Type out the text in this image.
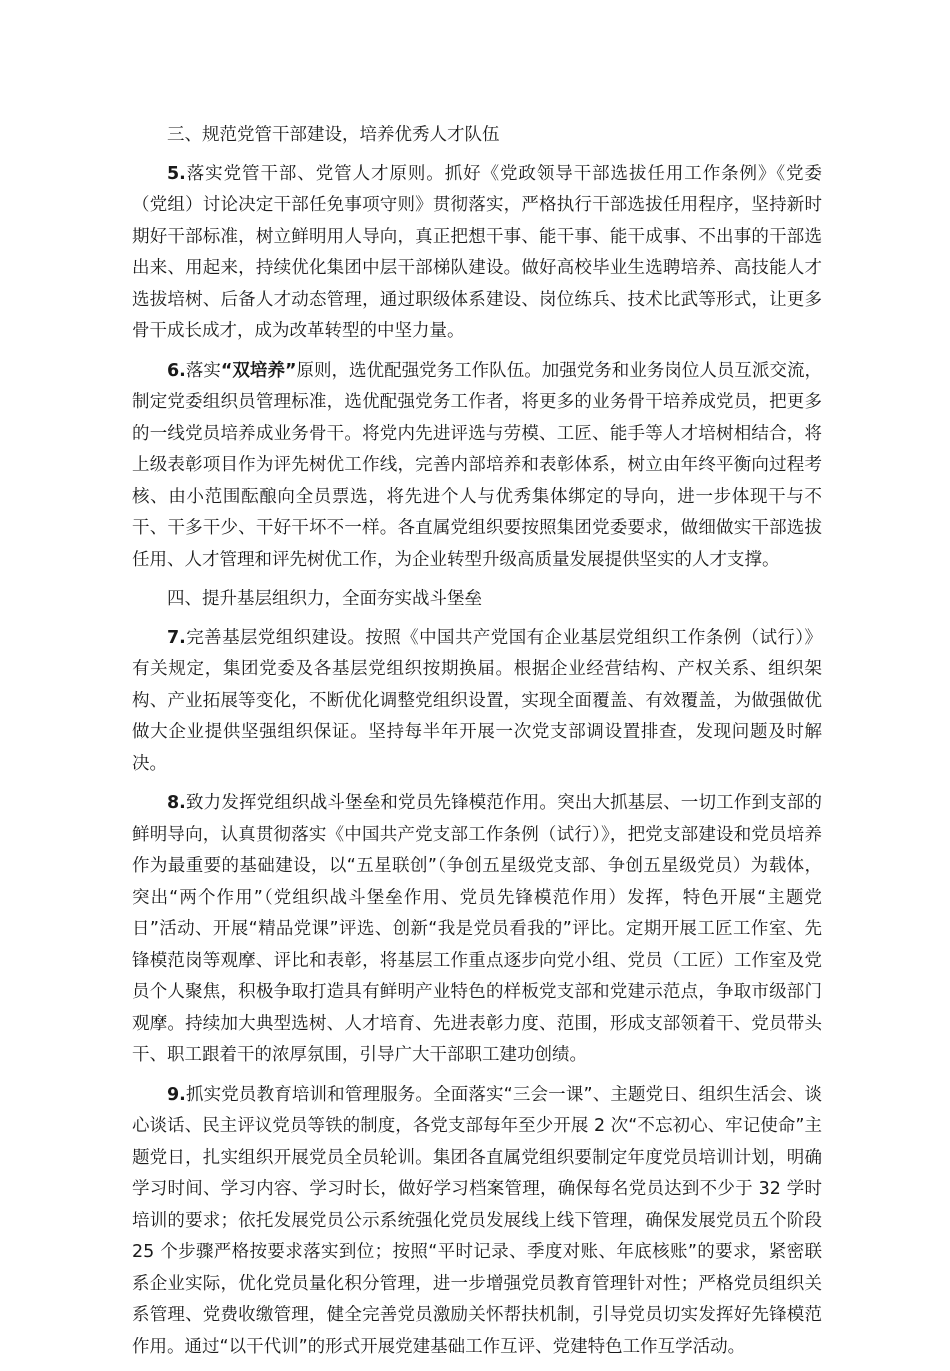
三、规范党管干部建设，培养优秀人才队伍

5.落实党管干部、党管人才原则。抓好《党政领导干部选拔任用工作条例》《党委（党组）讨论决定干部任免事项守则》贯彻落实，严格执行干部选拔任用程序，坚持新时期好干部标准，树立鲜明用人导向，真正把想干事、能干事、能干成事、不出事的干部选出来、用起来，持续优化集团中层干部梯队建设。做好高校毕业生选聘培养、高技能人才选拔培树、后备人才动态管理，通过职级体系建设、岗位练兵、技术比武等形式，让更多骨干成长成才，成为改革转型的中坚力量。

6.落实“双培养”原则，选优配强党务工作队伍。加强党务和业务岗位人员互派交流，制定党委组织员管理标准，选优配强党务工作者，将更多的业务骨干培养成党员，把更多的一线党员培养成业务骨干。将党内先进评选与劳模、工匠、能手等人才培树相结合，将上级表彰项目作为评先树优工作线，完善内部培养和表彰体系，树立由年终平衡向过程考核、由小范围酝酿向全员票选，将先进个人与优秀集体绑定的导向，进一步体现干与不干、干多干少、干好干坏不一样。各直属党组织要按照集团党委要求，做细做实干部选拔任用、人才管理和评先树优工作，为企业转型升级高质量发展提供坚实的人才支撑。

四、提升基层组织力，全面夯实战斗堡垒

7.完善基层党组织建设。按照《中国共产党国有企业基层党组织工作条例（试行）》有关规定，集团党委及各基层党组织按期换届。根据企业经营结构、产权关系、组织架构、产业拓展等变化，不断优化调整党组织设置，实现全面覆盖、有效覆盖，为做强做优做大企业提供坚强组织保证。坚持每半年开展一次党支部调设置排查，发现问题及时解决。

8.致力发挥党组织战斗堡垒和党员先锋模范作用。突出大抓基层、一切工作到支部的鲜明导向，认真贯彻落实《中国共产党支部工作条例（试行）》，把党支部建设和党员培养作为最重要的基础建设，以“五星联创”（争创五星级党支部、争创五星级党员）为载体，突出“两个作用”（党组织战斗堡垒作用、党员先锋模范作用）发挥，特色开展“主题党日”活动、开展“精品党课”评选、创新“我是党员看我的”评比。定期开展工匠工作室、先锋模范岗等观摩、评比和表彰，将基层工作重点逐步向党小组、党员（工匠）工作室及党员个人聚焦，积极争取打造具有鲜明产业特色的样板党支部和党建示范点，争取市级部门观摩。持续加大典型选树、人才培育、先进表彰力度、范围，形成支部领着干、党员带头干、职工跟着干的浓厚氛围，引导广大干部职工建功创绩。

9.抓实党员教育培训和管理服务。全面落实“三会一课”、主题党日、组织生活会、谈心谈话、民主评议党员等铁的制度，各党支部每年至少开展 2 次“不忘初心、牢记使命”主题党日，扎实组织开展党员全员轮训。集团各直属党组织要制定年度党员培训计划，明确学习时间、学习内容、学习时长，做好学习档案管理，确保每名党员达到不少于 32 学时培训的要求；依托发展党员公示系统强化党员发展线上线下管理，确保发展党员五个阶段 25 个步骤严格按要求落实到位；按照“平时记录、季度对账、年底核账”的要求，紧密联系企业实际，优化党员量化积分管理，进一步增强党员教育管理针对性；严格党员组织关系管理、党费收缴管理，健全完善党员激励关怀帮扶机制，引导党员切实发挥好先锋模范作用。通过“以干代训”的形式开展党建基础工作互评、党建特色工作互学活动。
